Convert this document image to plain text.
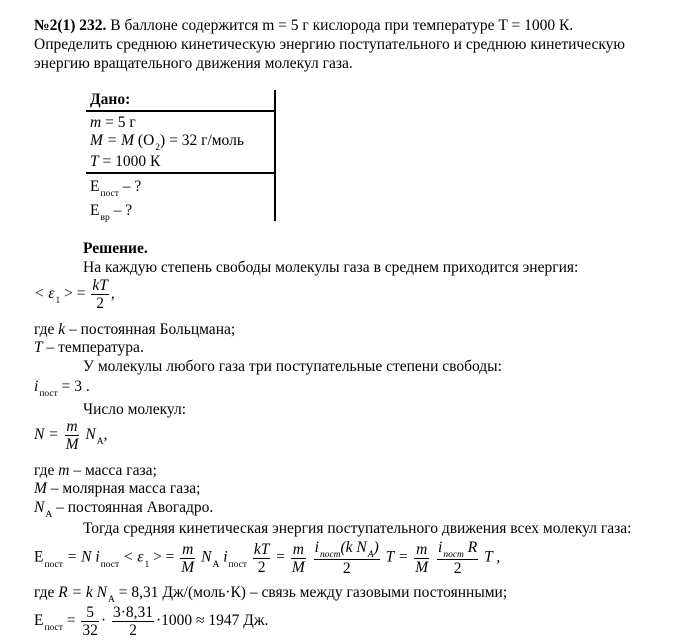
№2(1) 232. В баллоне содержится m = 5 г кислорода при температуре T = 1000 К.
Определить среднюю кинетическую энергию поступательного и среднюю кинетическую
энергию вращательного движения молекул газа.
Дано:
m = 5 г
M = M $(O_2) = 32$ г/моль
T = 1000 К
$E_{пост}$ – ?
$E_{вр}$ – ?
Решение.
На каждую степень свободы молекулы газа в среднем приходится энергия:
< $\varepsilon_1$ > = $\frac{kT}{2}$ ,
где k – постоянная Больцмана;
T – температура.
У молекулы любого газа три поступательные степени свободы:
$i_{пост} = 3$ .
Число молекул:
$N = \frac{m}{M} N_A$,
где m – масса газа;
M – молярная масса газа;
$N_A$ – постоянная Авогадро.
Тогда средняя кинетическая энергия поступательного движения всех молекул газа:
$E_{пост} = N$ $i_{пост} < \varepsilon_1$ > = $\frac{m}{M} N_A$ $i_{пост} \frac{kT}{2} = \frac{m}{M}$
$\frac{i_{пост}(k N_A)}{2}$ $T = \frac{m}{M}$
$\frac{i_{пост} R}{2}$ T ,
где R = k $N_A = 8,31$ Дж/(моль·К) – связь между газовыми постоянными;
$E_{пост} = \frac{5}{32} \cdot \frac{3\cdot 8,31}{2} \cdot 1000 \approx 1947$ Дж.
